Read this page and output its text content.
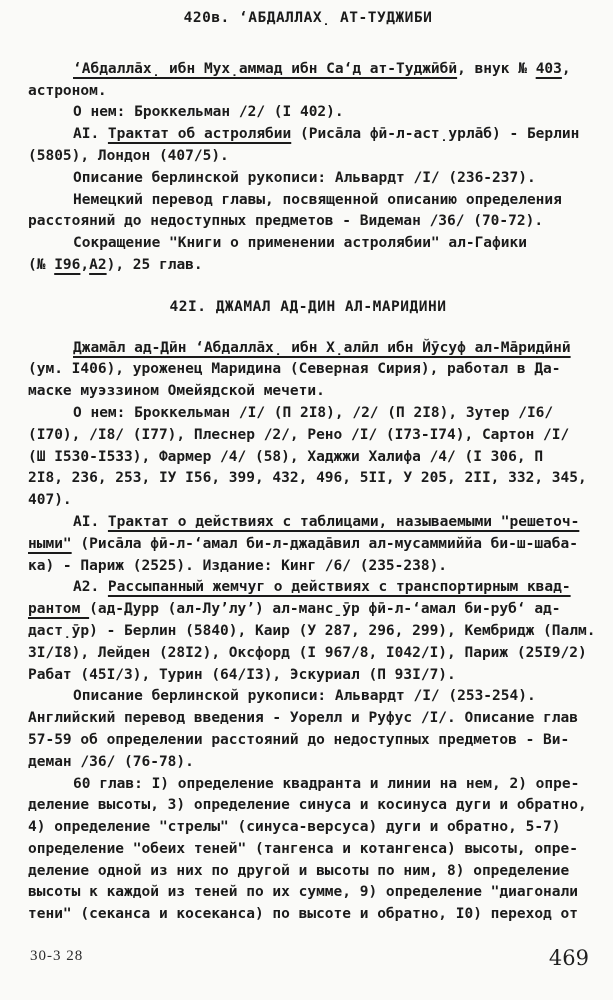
420в. ‘АБДАЛЛАХ̣ АТ-ТУДЖИБИ
‘Абдалла̄х̣ ибн Мух̣аммад ибн Са‘д ат-Туджӣбӣ, внук № 403,
астроном.
О нем: Броккельман /2/ (I 402).
АI. Трактат об астролябии (Риса̄ла фӣ-л-аст̣урла̄б) - Берлин
(5805), Лондон (407/5).
Описание берлинской рукописи: Альвардт /I/ (236-237).
Немецкий перевод главы, посвященной описанию определения
расстояний до недоступных предметов - Видеман /36/ (70-72).
Сокращение "Книги о применении астролябии" ал-Гафики
(№ I96,А2), 25 глав.
42I. ДЖАМАЛ АД-ДИН АЛ-МАРИДИНИ
Джама̄л ад-Дӣн ‘Абдалла̄х̣ ибн Х̣алӣл ибн Йӯсуф ал-Ма̄ридӣнӣ
(ум. I406), уроженец Маридина (Северная Сирия), работал в Да-
маске муэззином Омейядской мечети.
О нем: Броккельман /I/ (П 2I8), /2/ (П 2I8), Зутер /I6/
(I70), /I8/ (I77), Плеснер /2/, Рено /I/ (I73-I74), Сартон /I/
(Ш I530-I533), Фармер /4/ (58), Хаджжи Халифа /4/ (I 306, П
2I8, 236, 253, IУ I56, 399, 432, 496, 5II, У 205, 2II, 332, 345,
407).
АI. Трактат о действиях с таблицами, называемыми "решеточ-
ными" (Риса̄ла фӣ-л-‘амал би-л-джада̄вил ал-мусаммиййа би-ш-шаба-
ка) - Париж (2525). Издание: Кинг /6/ (235-238).
А2. Рассыпанный жемчуг о действиях с транспортирным квад-
рантом (ад-Дурр (ал-Лу’лу’) ал-манс̱ӯр фӣ-л-‘амал би-руб‘ ад-
даст̣ӯр) - Берлин (5840), Каир (У 287, 296, 299), Кембридж (Палм.
3I/I8), Лейден (28I2), Оксфорд (I 967/8, I042/I), Париж (25I9/2)
Рабат (45I/3), Турин (64/I3), Эскуриал (П 93I/7).
Описание берлинской рукописи: Альвардт /I/ (253-254).
Английский перевод введения - Уорелл и Руфус /I/. Описание глав
57-59 об определении расстояний до недоступных предметов - Ви-
деман /36/ (76-78).
60 глав: I) определение квадранта и линии на нем, 2) опре-
деление высоты, 3) определение синуса и косинуса дуги и обратно,
4) определение "стрелы" (синуса-версуса) дуги и обратно, 5-7)
определение "обеих теней" (тангенса и котангенса) высоты, опре-
деление одной из них по другой и высоты по ним, 8) определение
высоты к каждой из теней по их сумме, 9) определение "диагонали
тени" (секанса и косеканса) по высоте и обратно, I0) переход от
30-3 28	469
